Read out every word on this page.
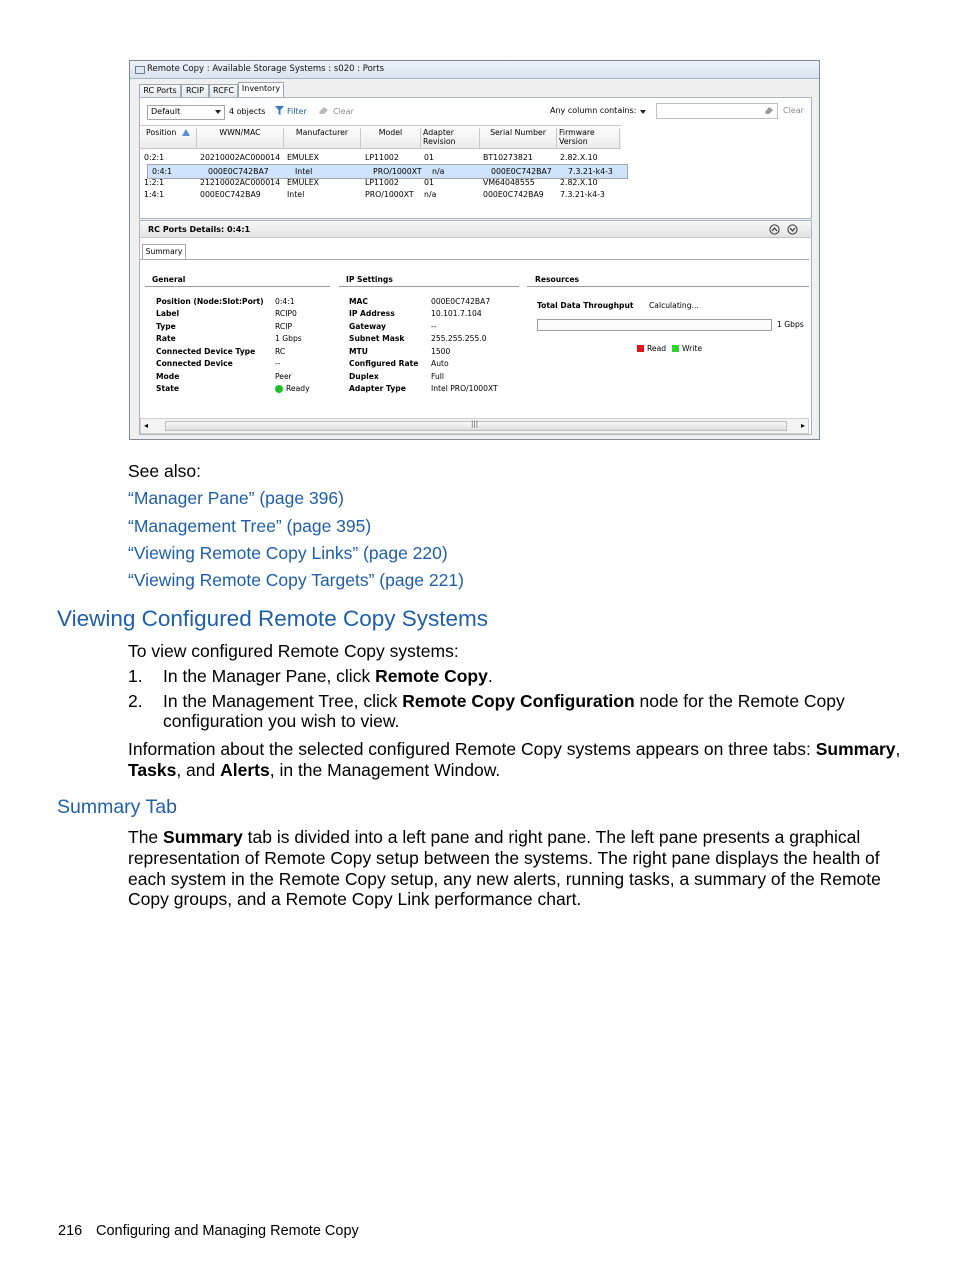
Remote Copy : Available Storage Systems : s020 : Ports
RC Ports	RCIP	RCFC Inventory
Default	4 objects	Filter	Clear	Any column contains:	Clear
Position	WWN/MAC	Manufacturer	Model	Adapter
Revision
Serial Number	Firmware
Version
0:2:1	20210002AC000014 EMULEX	LP11002	01	BT10273821	2.82.X.10
0:4:1	000E0C742BA7	Intel	PRO/1000XT n/a	000E0C742BA7 7.3.21-k4-3
1:2:1	21210002AC000014 EMULEX	LP11002	01	VM64048555	2.82.X.10
1:4:1	000E0C742BA9	Intel	PRO/1000XT n/a	000E0C742BA9 7.3.21-k4-3
RC Ports Details: 0:4:1
Summary
General	IP Settings	Resources
Position (Node:Slot:Port) 0:4:1
Label	RCIP0
Type	RCIP
Rate	1 Gbps
Connected Device Type	RC
Connected Device	--
Mode	Peer
State	Ready
MAC	000E0C742BA7
IP Address	10.101.7.104
Gateway	--
Subnet Mask	255.255.255.0
MTU	1500
Configured Rate Auto
Duplex	Full
Adapter Type	Intel PRO/1000XT
Total Data Throughput Calculating...
1 Gbps
Read Write
◂	|||	▸
See also:
“Manager Pane” (page 396)
“Management Tree” (page 395)
“Viewing Remote Copy Links” (page 220)
“Viewing Remote Copy Targets” (page 221)
Viewing Configured Remote Copy Systems
To view configured Remote Copy systems:
1. In the Manager Pane, click Remote Copy.
2. In the Management Tree, click Remote Copy Configuration node for the Remote Copy
configuration you wish to view.
Information about the selected configured Remote Copy systems appears on three tabs: Summary,
Tasks, and Alerts, in the Management Window.
Summary Tab
The Summary tab is divided into a left pane and right pane. The left pane presents a graphical
representation of Remote Copy setup between the systems. The right pane displays the health of
each system in the Remote Copy setup, any new alerts, running tasks, a summary of the Remote
Copy groups, and a Remote Copy Link performance chart.
216 Configuring and Managing Remote Copy
